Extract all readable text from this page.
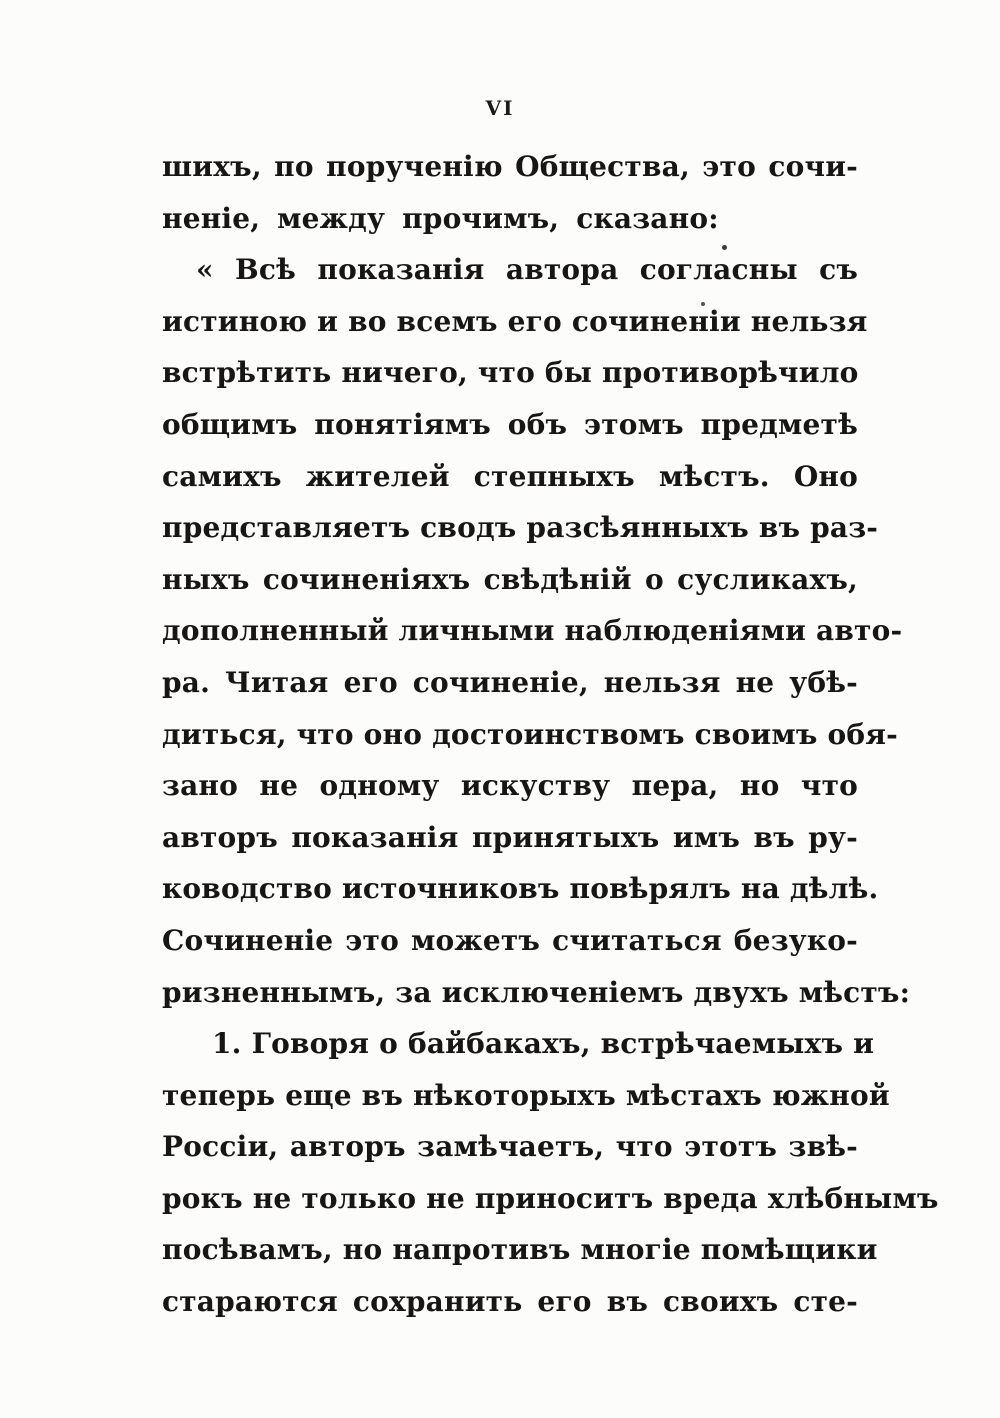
VI
шихъ, по порученію Общества, это сочи-
неніе, между прочимъ, сказано:
« Всѣ показанія автора согласны съ
истиною и во всемъ его сочиненіи нельзя
встрѣтить ничего, что бы противорѣчило
общимъ понятіямъ объ этомъ предметѣ
самихъ жителей степныхъ мѣстъ. Оно
представляетъ сводъ разсѣянныхъ въ раз-
ныхъ сочиненіяхъ свѣдѣній о сусликахъ,
дополненный личными наблюденіями авто-
ра. Читая его сочиненіе, нельзя не убѣ-
диться, что оно достоинствомъ своимъ обя-
зано не одному искуству пера, но что
авторъ показанія принятыхъ имъ въ ру-
ководство источниковъ повѣрялъ на дѣлѣ.
Сочиненіе это можетъ считаться безуко-
ризненнымъ, за исключеніемъ двухъ мѣстъ:
1. Говоря о байбакахъ, встрѣчаемыхъ и
теперь еще въ нѣкоторыхъ мѣстахъ южной
Россіи, авторъ замѣчаетъ, что этотъ звѣ-
рокъ не только не приноситъ вреда хлѣбнымъ
посѣвамъ, но напротивъ многіе помѣщики
стараются сохранить его въ своихъ сте-
